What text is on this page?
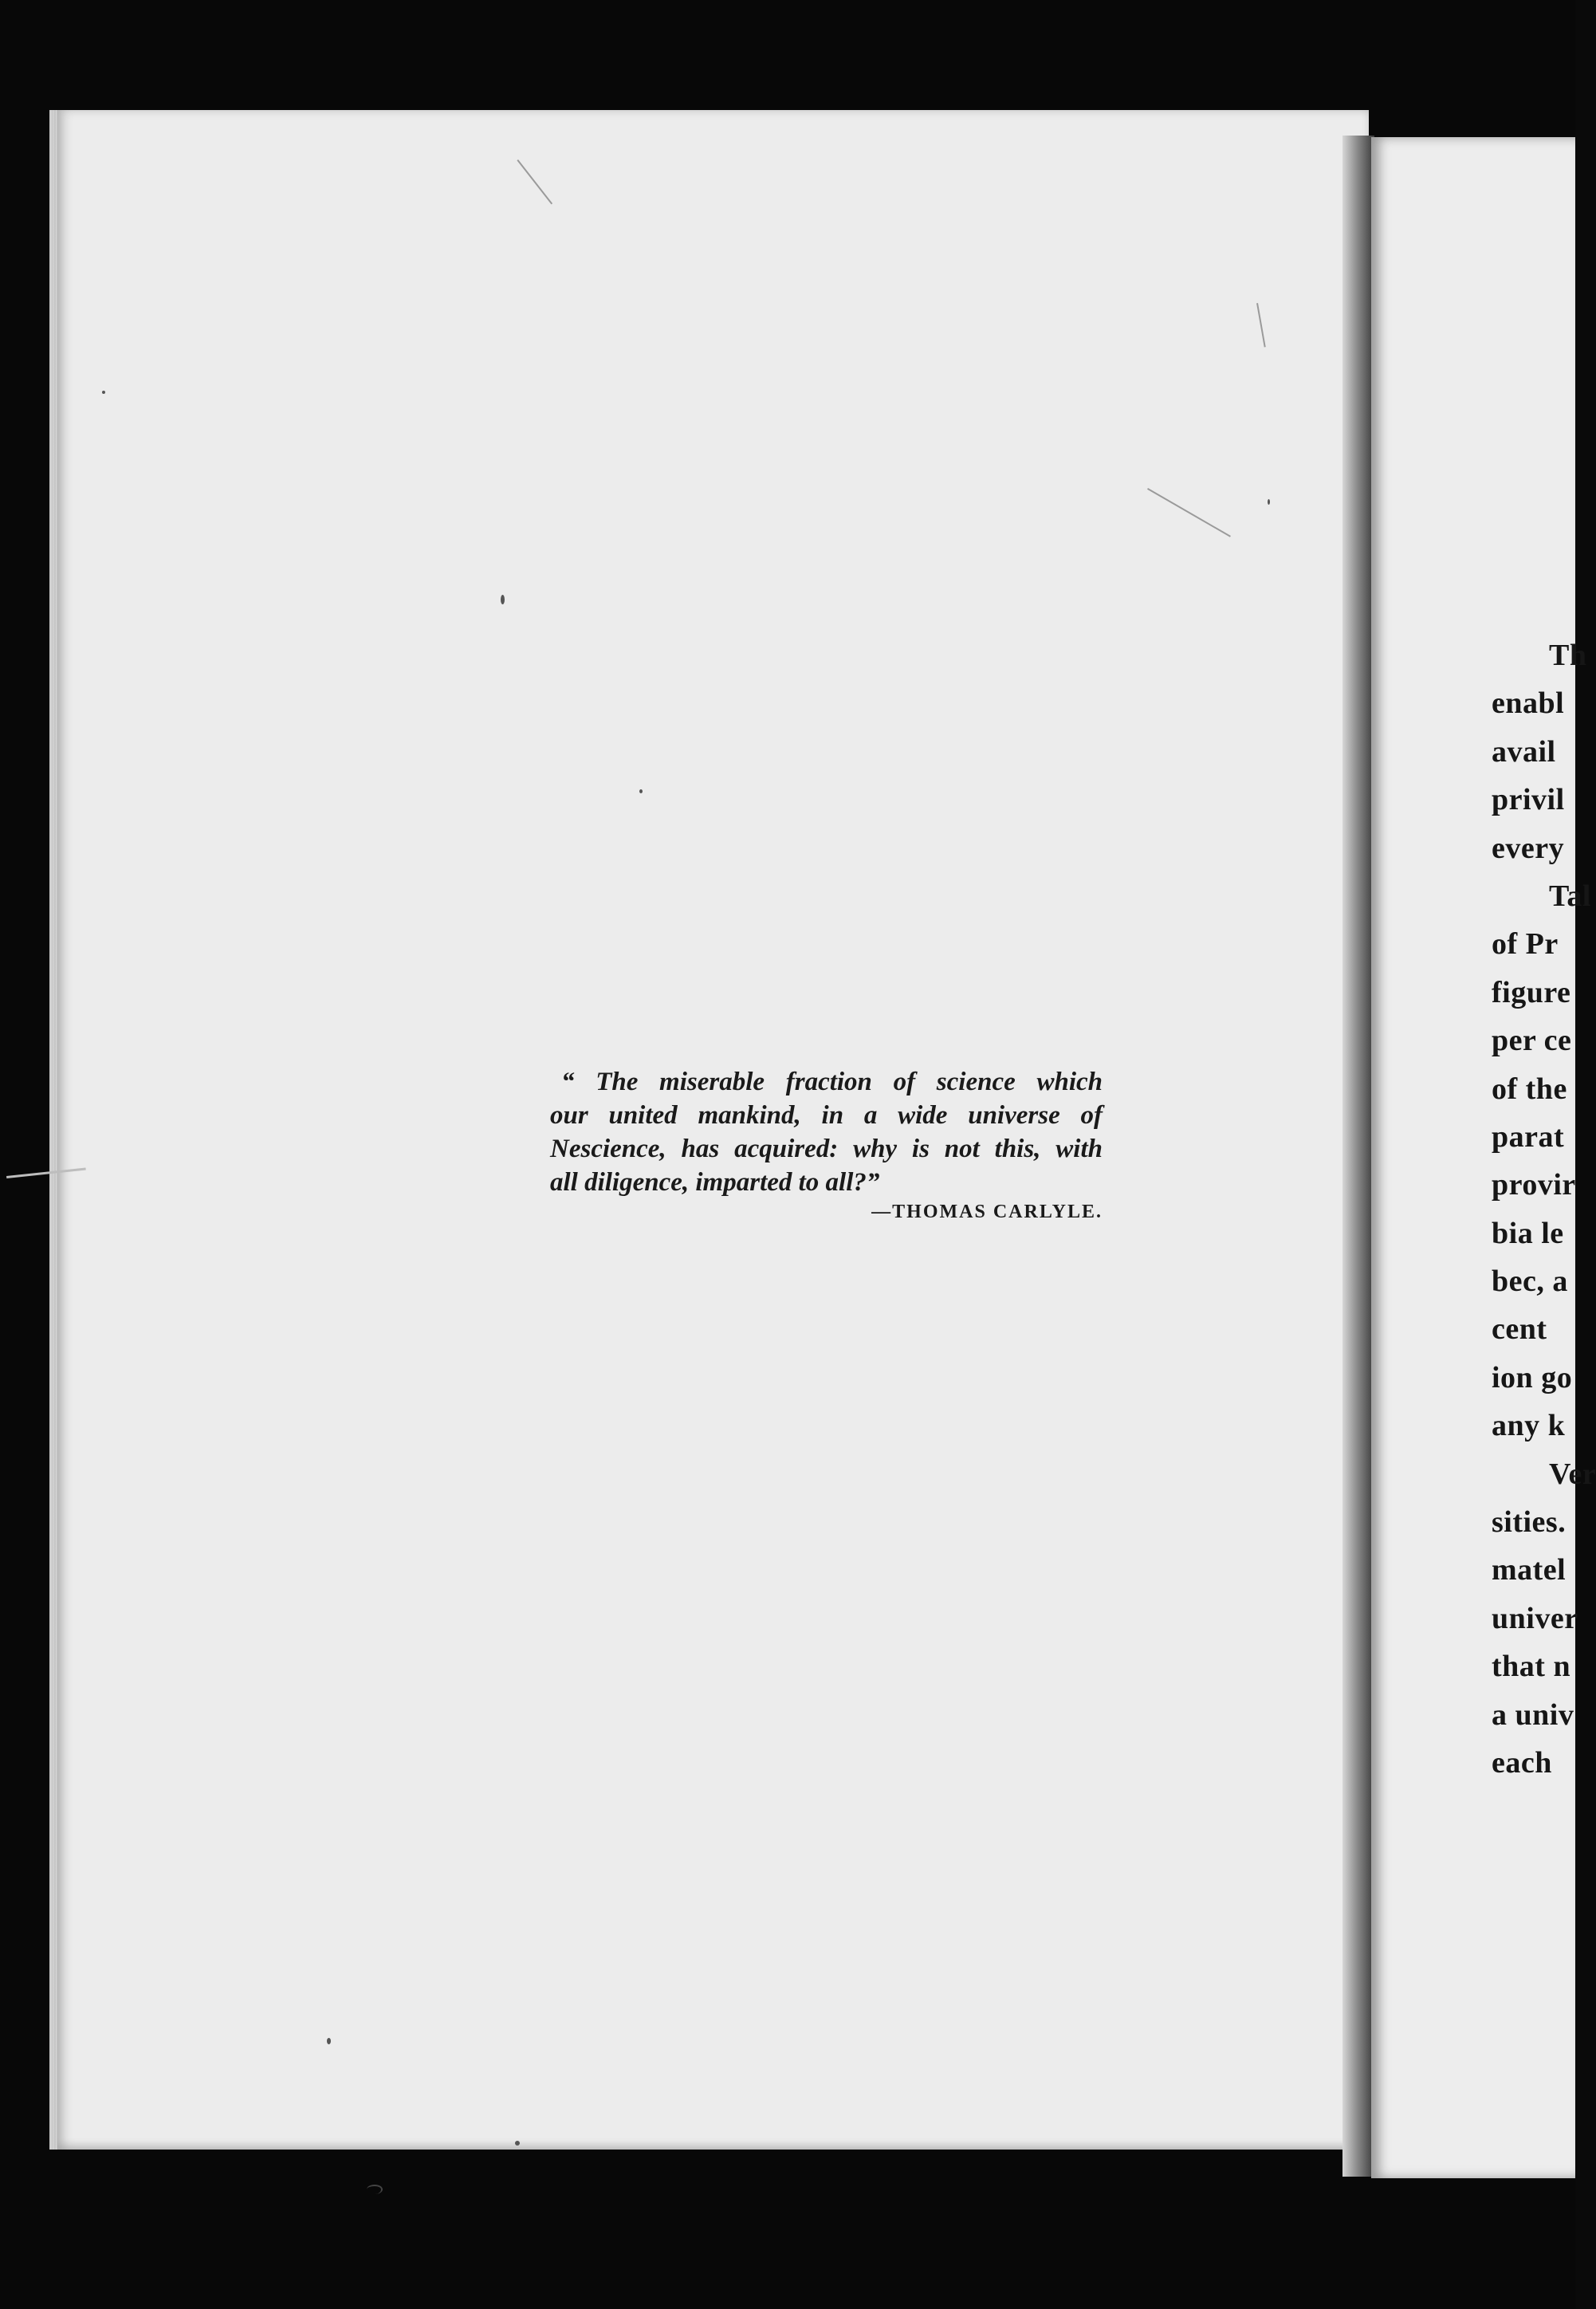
“ The miserable fraction of science which
our united mankind, in a wide universe of
Nescience, has acquired: why is not this, with
all diligence, imparted to all?”

—THOMAS CARLYLE.
Th
enabl
avail
privil
every
Tal
of Pr
figure
per ce
of the
parat
provir
bia le
bec, a
cent
ion go
any k
Ver
sities.
matel
univer
that n
a univ
each
